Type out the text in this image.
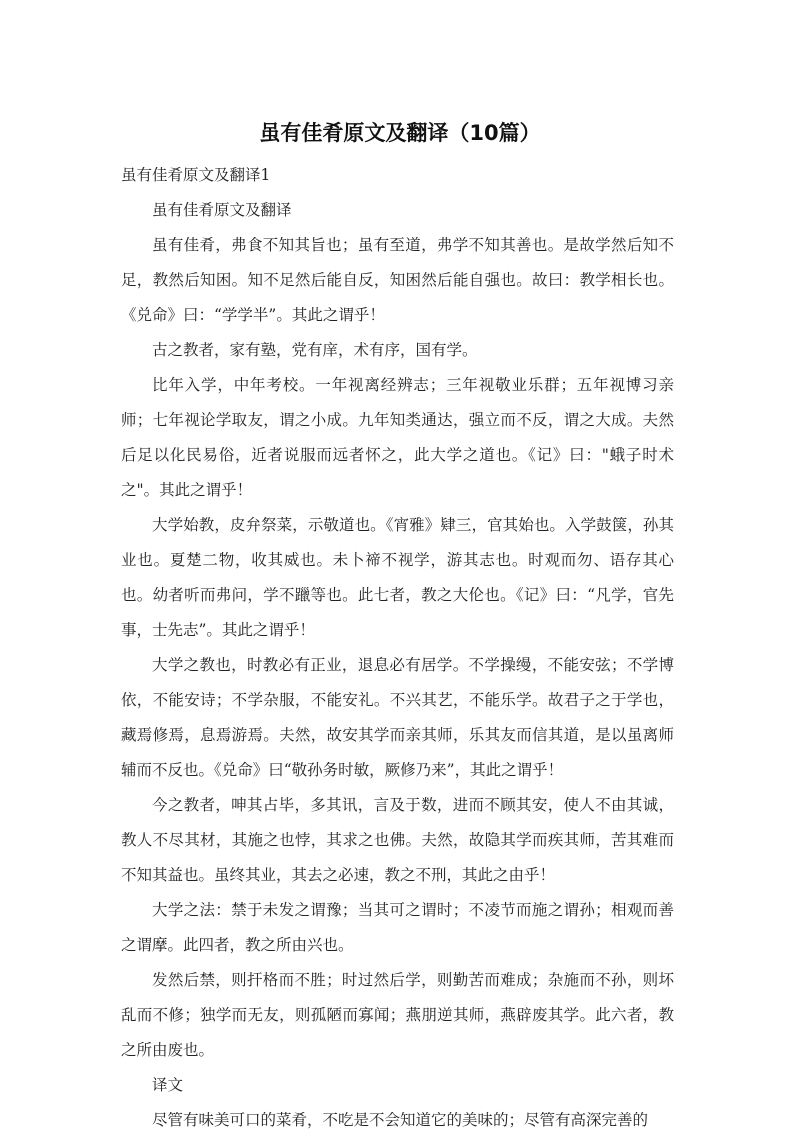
虽有佳肴原文及翻译（10篇）

虽有佳肴原文及翻译1

虽有佳肴原文及翻译

虽有佳肴，弗食不知其旨也；虽有至道，弗学不知其善也。是故学然后知不足，教然后知困。知不足然后能自反，知困然后能自强也。故曰：教学相长也。《兑命》曰：“学学半”。其此之谓乎！

古之教者，家有塾，党有庠，术有序，国有学。

比年入学，中年考校。一年视离经辨志；三年视敬业乐群；五年视博习亲师；七年视论学取友，谓之小成。九年知类通达，强立而不反，谓之大成。夫然后足以化民易俗，近者说服而远者怀之，此大学之道也。《记》曰："蛾子时术之"。其此之谓乎！

大学始教，皮弁祭菜，示敬道也。《宵雅》肄三，官其始也。入学鼓箧，孙其业也。夏楚二物，收其威也。未卜禘不视学，游其志也。时观而勿、语存其心也。幼者听而弗问，学不躐等也。此七者，教之大伦也。《记》曰：“凡学，官先事，士先志”。其此之谓乎！

大学之教也，时教必有正业，退息必有居学。不学操缦，不能安弦；不学博依，不能安诗；不学杂服，不能安礼。不兴其艺，不能乐学。故君子之于学也，藏焉修焉，息焉游焉。夫然，故安其学而亲其师，乐其友而信其道，是以虽离师辅而不反也。《兑命》曰“敬孙务时敏，厥修乃来”，其此之谓乎！

今之教者，呻其占毕，多其讯，言及于数，进而不顾其安，使人不由其诚，教人不尽其材，其施之也悖，其求之也佛。夫然，故隐其学而疾其师，苦其难而不知其益也。虽终其业，其去之必速，教之不刑，其此之由乎！

大学之法：禁于未发之谓豫；当其可之谓时；不凌节而施之谓孙；相观而善之谓摩。此四者，教之所由兴也。

发然后禁，则扞格而不胜；时过然后学，则勤苦而难成；杂施而不孙，则坏乱而不修；独学而无友，则孤陋而寡闻；燕朋逆其师，燕辟废其学。此六者，教之所由废也。

译文

尽管有味美可口的菜肴，不吃是不会知道它的美味的；尽管有高深完善的
